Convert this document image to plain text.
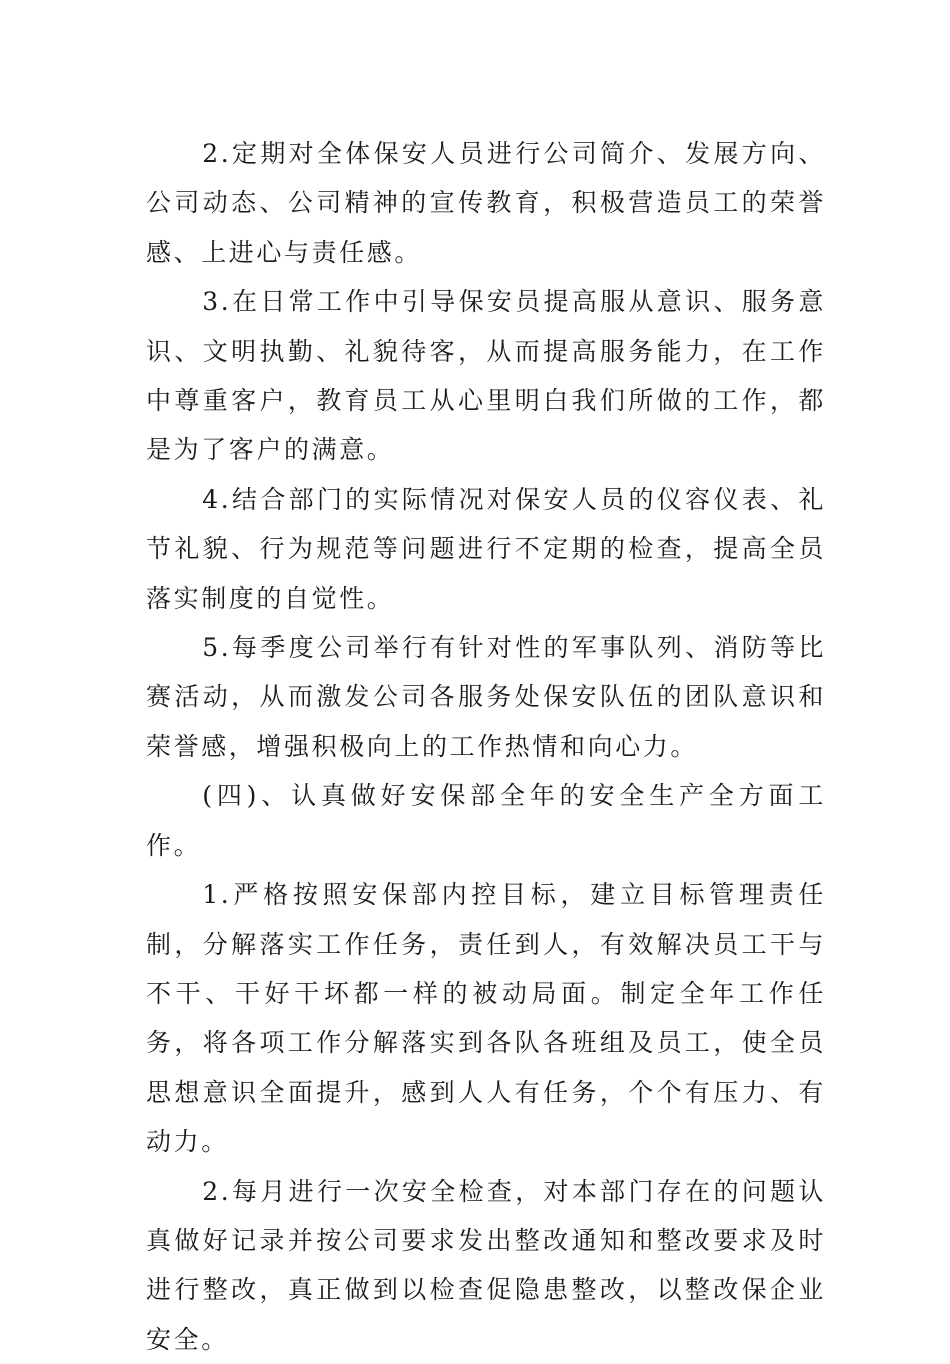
2.定期对全体保安人员进行公司简介、发展方向、公司动态、公司精神的宣传教育，积极营造员工的荣誉感、上进心与责任感。

3.在日常工作中引导保安员提高服从意识、服务意识、文明执勤、礼貌待客，从而提高服务能力，在工作中尊重客户，教育员工从心里明白我们所做的工作，都是为了客户的满意。

4.结合部门的实际情况对保安人员的仪容仪表、礼节礼貌、行为规范等问题进行不定期的检查，提高全员落实制度的自觉性。

5.每季度公司举行有针对性的军事队列、消防等比赛活动，从而激发公司各服务处保安队伍的团队意识和荣誉感，增强积极向上的工作热情和向心力。

(四)、认真做好安保部全年的安全生产全方面工作。

1.严格按照安保部内控目标，建立目标管理责任制，分解落实工作任务，责任到人，有效解决员工干与不干、干好干坏都一样的被动局面。制定全年工作任务，将各项工作分解落实到各队各班组及员工，使全员思想意识全面提升，感到人人有任务，个个有压力、有动力。

2.每月进行一次安全检查，对本部门存在的问题认真做好记录并按公司要求发出整改通知和整改要求及时进行整改，真正做到以检查促隐患整改，以整改保企业安全。
